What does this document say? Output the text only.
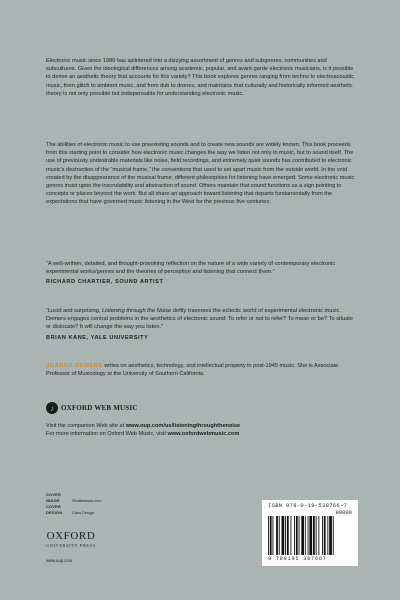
Electronic music since 1980 has splintered into a dizzying assortment of genres and subgenres, communities and subcultures. Given the ideological differences among academic, popular, and avant-garde electronic musicians, is it possible to derive an aesthetic theory that accounts for this variety? This book explores genres ranging from techno to electroacoustic music, from glitch to ambient music, and from dub to drones, and maintains that culturally and historically informed aesthetic theory is not only possible but indispensable for understanding electronic music.

The abilities of electronic music to use preexisting sounds and to create new sounds are widely known. This book proceeds from this starting point to consider how electronic music changes the way we listen not only to music, but to sound itself. The use of previously undesirable materials like noise, field recordings, and extremely quiet sounds has contributed to electronic music's destruction of the “musical frame,” the conventions that used to set apart music from the outside world. In the void created by the disappearance of the musical frame, different philosophies for listening have emerged. Some electronic music genres insist upon the inscrutability and abstraction of sound. Others maintain that sound functions as a sign pointing to concepts or places beyond the work. But all share an approach toward listening that departs fundamentally from the expectations that have governed music listening in the West for the previous five centuries.

“A well-written, detailed, and thought-provoking reflection on the nature of a wide variety of contemporary electronic experimental works/genres and the theories of perception and listening that connect them.”
RICHARD CHARTIER, SOUND ARTIST
“Lucid and surprising, Listening through the Noise deftly traverses the eclectic world of experimental electronic music. Demers engages central problems in the aesthetics of electronic sound: To refer or not to refer? To mean or be? To situate or dislocate? It will change the way you listen.”
BRIAN KANE, YALE UNIVERSITY

JOANNA DEMERS writes on aesthetics, technology, and intellectual property in post-1945 music. She is Associate Professor of Musicology at the University of Southern California.

♪	OXFORD WEB MUSIC

Visit the companion Web site at www.oup.com/us/listeningthroughthenoise
For more information on Oxford Web Music, visit www.oxfordwebmusic.com

COVER IMAGE	Shutterstock.com
COVER DESIGN	Claro Design
OXFORD
UNIVERSITY PRESS
www.oup.com
ISBN 978-0-19-538766-7
90000
9 780195 387667
